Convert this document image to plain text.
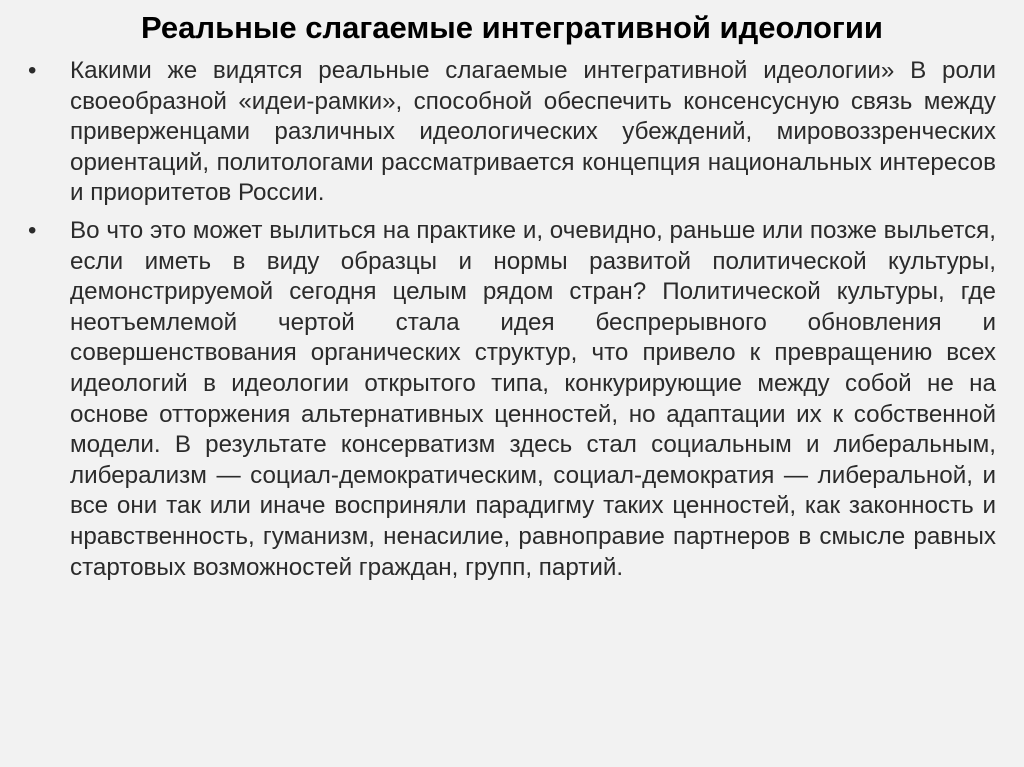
Реальные слагаемые интегративной идеологии
• Какими же видятся реальные слагаемые интегративной идеологии» В роли своеобразной «идеи-рамки», способной обеспечить консенсусную связь между приверженцами различных идеологических убеждений, мировоззренческих ориентаций, политологами рассматривается концепция национальных интересов и приоритетов России.
• Во что это может вылиться на практике и, очевидно, раньше или позже выльется, если иметь в виду образцы и нормы развитой политической культуры, демонстрируемой сегодня целым рядом стран? Политической культуры, где неотъемлемой чертой стала идея беспрерывного обновления и совершенствования органических структур, что привело к превращению всех идеологий в идеологии открытого типа, конкурирующие между собой не на основе отторжения альтернативных ценностей, но адаптации их к собственной модели. В результате консерватизм здесь стал социальным и либеральным, либерализм — социал-демократическим, социал-демократия — либеральной, и все они так или иначе восприняли парадигму таких ценностей, как законность и нравственность, гуманизм, ненасилие, равноправие партнеров в смысле равных стартовых возможностей граждан, групп, партий.
